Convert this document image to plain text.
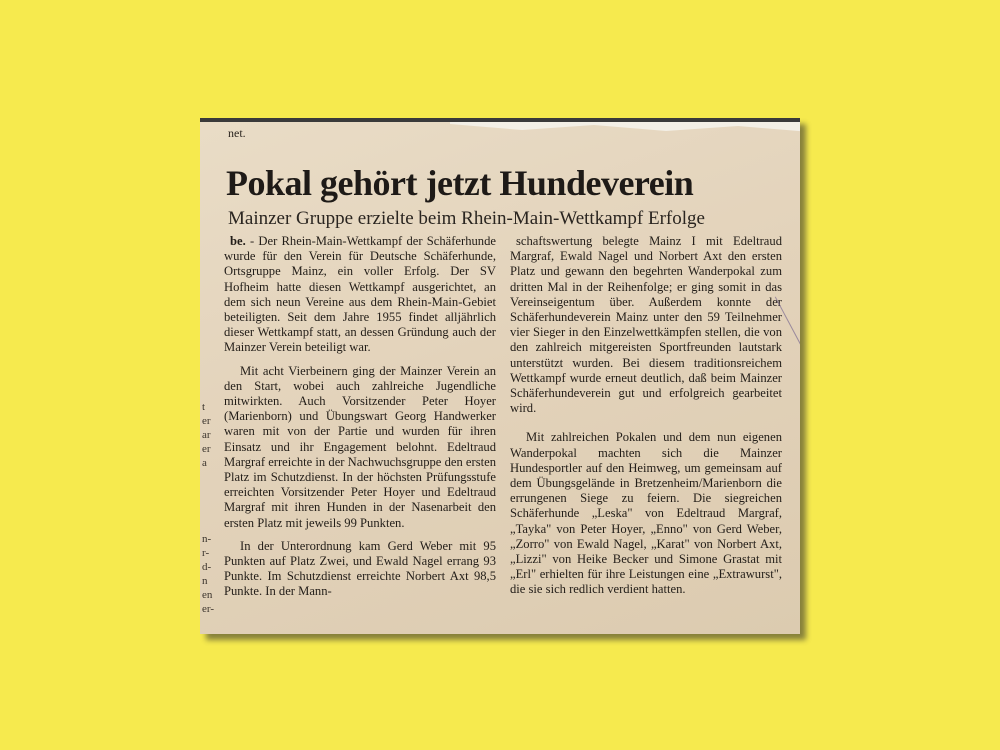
net.
Pokal gehört jetzt Hundeverein
Mainzer Gruppe erzielte beim Rhein-Main-Wettkampf Erfolge
t
er
ar
er
a
n-
r-
d-
n
en
er-

be. - Der Rhein-Main-Wettkampf der Schäferhunde wurde für den Verein für Deutsche Schäferhunde, Ortsgruppe Mainz, ein voller Erfolg. Der SV Hofheim hatte diesen Wettkampf ausgerichtet, an dem sich neun Vereine aus dem Rhein-Main-Gebiet beteiligten. Seit dem Jahre 1955 findet alljährlich dieser Wettkampf statt, an dessen Gründung auch der Mainzer Verein beteiligt war.

Mit acht Vierbeinern ging der Mainzer Verein an den Start, wobei auch zahlreiche Jugendliche mitwirkten. Auch Vorsitzender Peter Hoyer (Marienborn) und Übungswart Georg Handwerker waren mit von der Partie und wurden für ihren Einsatz und ihr Engagement belohnt. Edeltraud Margraf erreichte in der Nachwuchsgruppe den ersten Platz im Schutzdienst. In der höchsten Prüfungsstufe erreichten Vorsitzender Peter Hoyer und Edeltraud Margraf mit ihren Hunden in der Nasenarbeit den ersten Platz mit jeweils 99 Punkten.

In der Unterordnung kam Gerd Weber mit 95 Punkten auf Platz Zwei, und Ewald Nagel errang 93 Punkte. Im Schutzdienst erreichte Norbert Axt 98,5 Punkte. In der Mann-

schaftswertung belegte Mainz I mit Edeltraud Margraf, Ewald Nagel und Norbert Axt den ersten Platz und gewann den begehrten Wanderpokal zum dritten Mal in der Reihenfolge; er ging somit in das Vereinseigentum über. Außerdem konnte der Schäferhundeverein Mainz unter den 59 Teilnehmer vier Sieger in den Einzelwettkämpfen stellen, die von den zahlreich mitgereisten Sportfreunden lautstark unterstützt wurden. Bei diesem traditionsreichem Wettkampf wurde erneut deutlich, daß beim Mainzer Schäferhundeverein gut und erfolgreich gearbeitet wird.

Mit zahlreichen Pokalen und dem nun eigenen Wanderpokal machten sich die Mainzer Hundesportler auf den Heimweg, um gemeinsam auf dem Übungsgelände in Bretzenheim/Marienborn die errungenen Siege zu feiern. Die siegreichen Schäferhunde „Leska" von Edeltraud Margraf, „Tayka" von Peter Hoyer, „Enno" von Gerd Weber, „Zorro" von Ewald Nagel, „Karat" von Norbert Axt, „Lizzi" von Heike Becker und Simone Grastat mit „Erl" erhielten für ihre Leistungen eine „Extrawurst", die sie sich redlich verdient hatten.
